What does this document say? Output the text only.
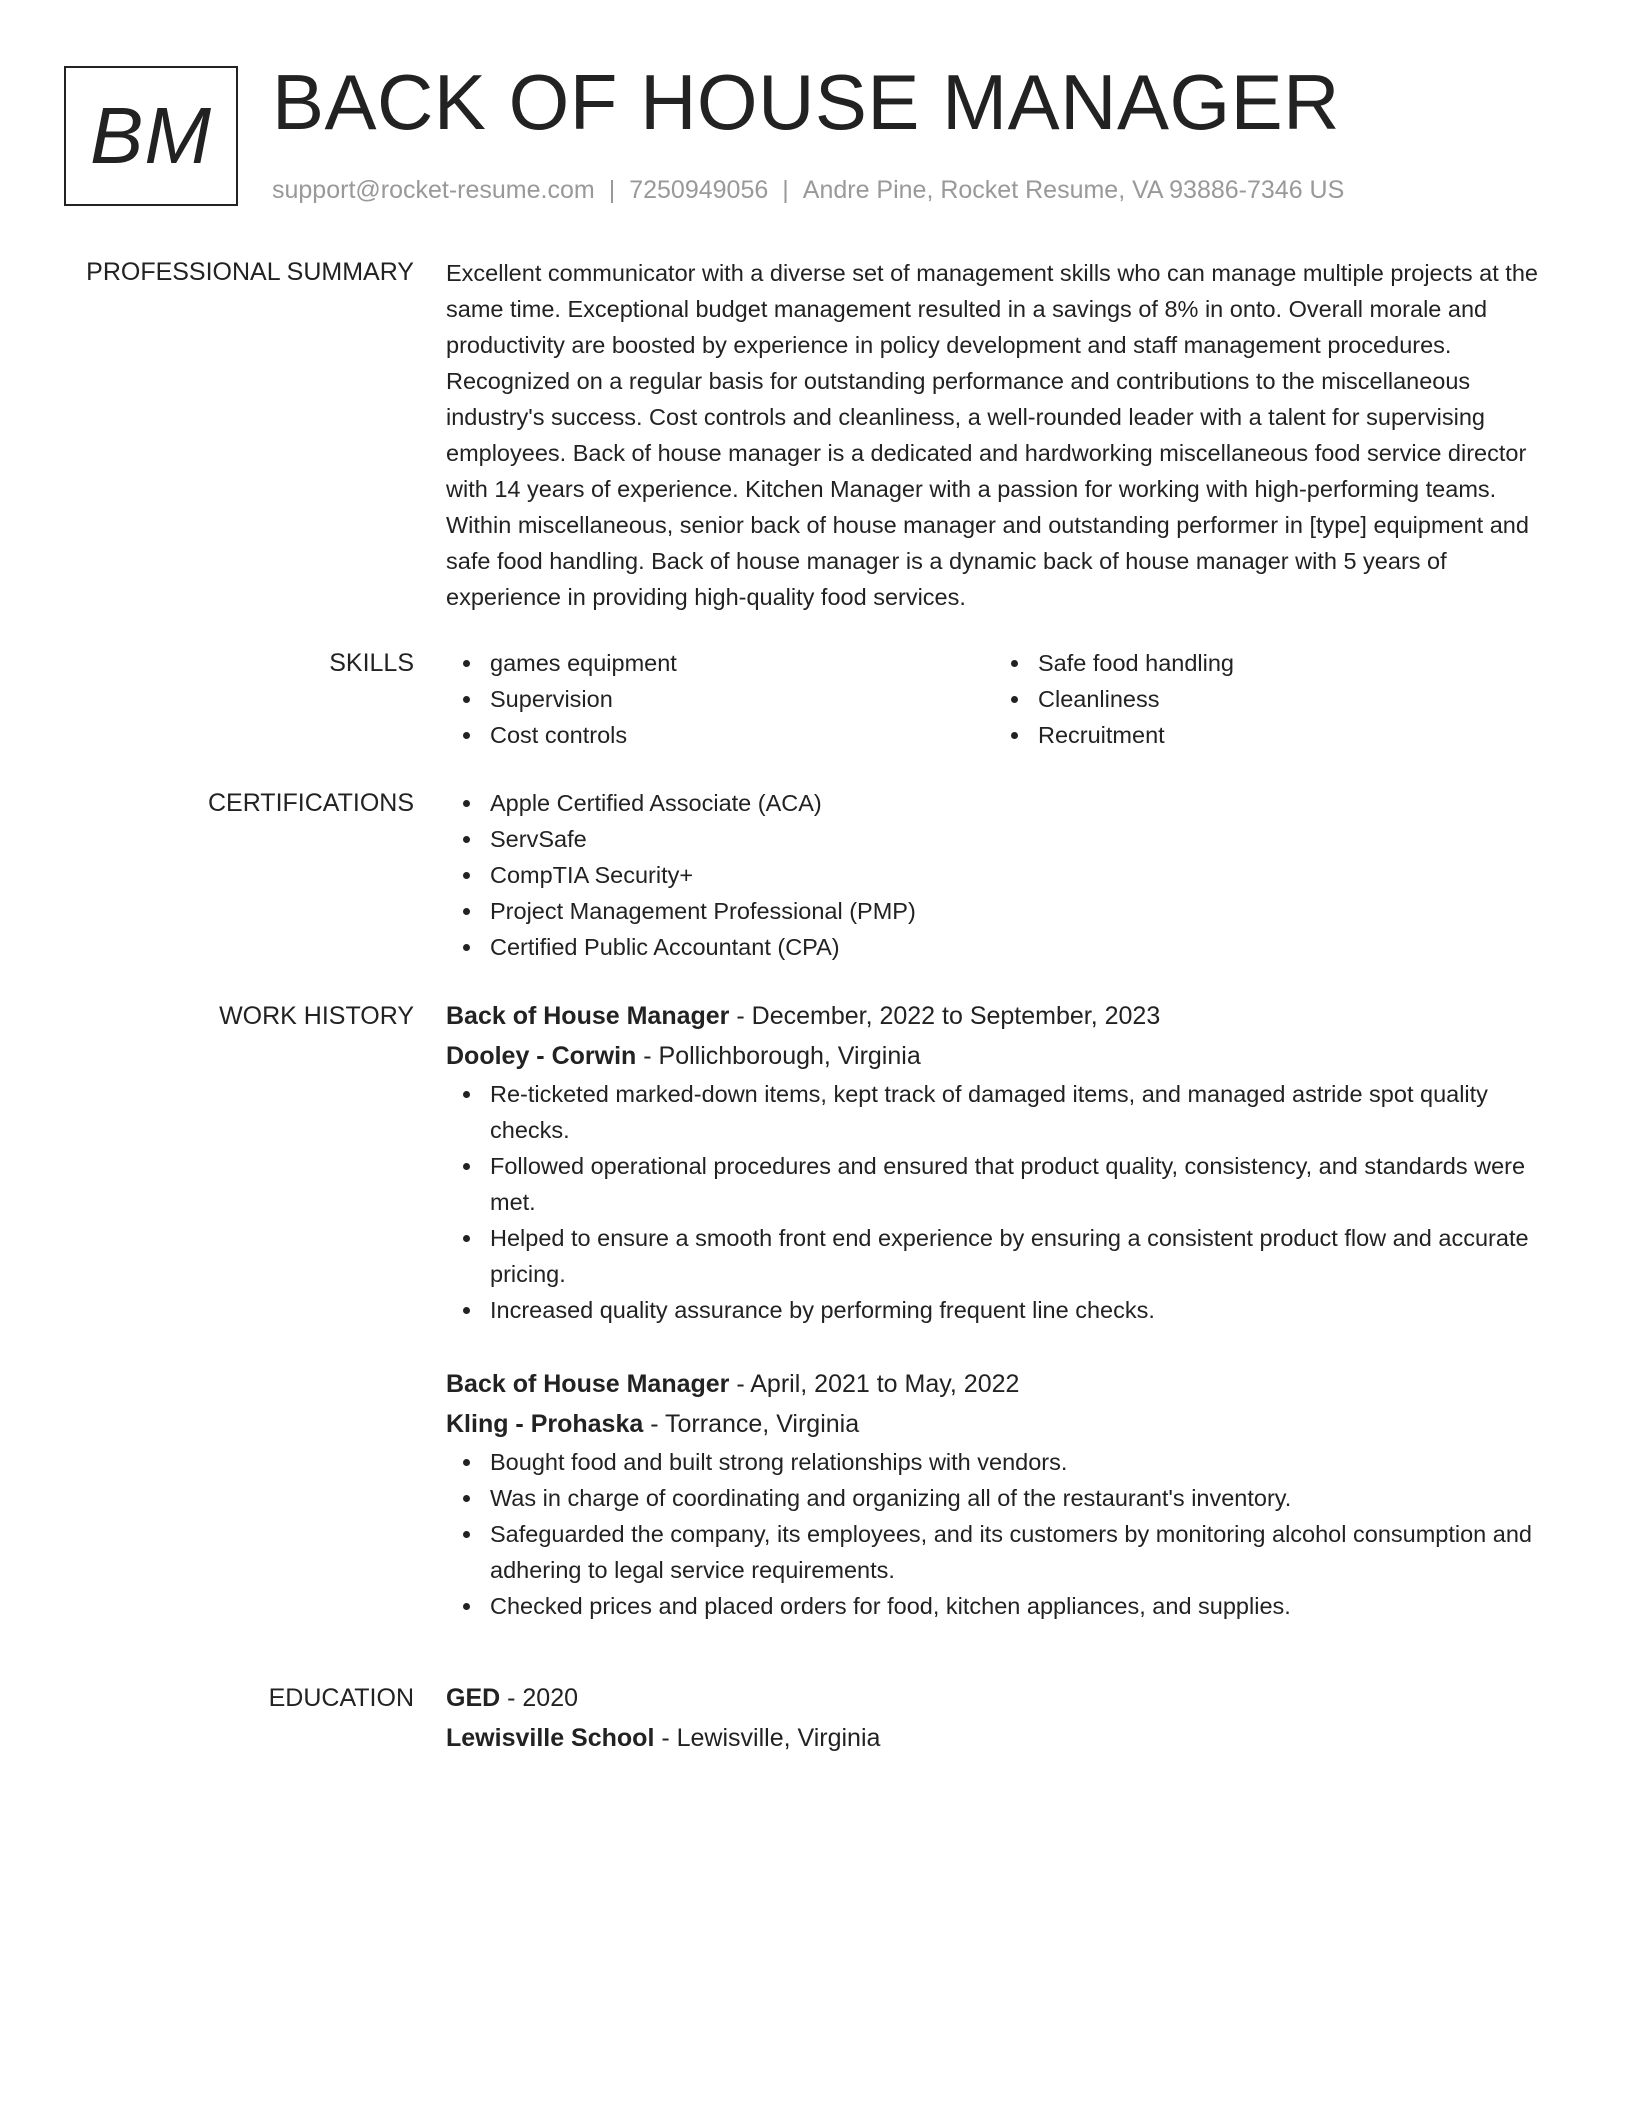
BM BACK OF HOUSE MANAGER
support@rocket-resume.com | 7250949056 | Andre Pine, Rocket Resume, VA 93886-7346 US
PROFESSIONAL SUMMARY Excellent communicator with a diverse set of management skills who can manage multiple projects at the same time. Exceptional budget management resulted in a savings of 8% in onto. Overall morale and productivity are boosted by experience in policy development and staff management procedures. Recognized on a regular basis for outstanding performance and contributions to the miscellaneous industry's success. Cost controls and cleanliness, a well-rounded leader with a talent for supervising employees. Back of house manager is a dedicated and hardworking miscellaneous food service director with 14 years of experience. Kitchen Manager with a passion for working with high-performing teams. Within miscellaneous, senior back of house manager and outstanding performer in [type] equipment and safe food handling. Back of house manager is a dynamic back of house manager with 5 years of experience in providing high-quality food services.

SKILLS	games equipment
Supervision
Cost controls
Safe food handling
Cleanliness
Recruitment
CERTIFICATIONS	Apple Certified Associate (ACA)
ServSafe
CompTIA Security+
Project Management Professional (PMP)
Certified Public Accountant (CPA)
WORK HISTORY Back of House Manager - December, 2022 to September, 2023
Dooley - Corwin - Pollichborough, Virginia
Re-ticketed marked-down items, kept track of damaged items, and managed astride spot quality checks.
Followed operational procedures and ensured that product quality, consistency, and standards were met.
Helped to ensure a smooth front end experience by ensuring a consistent product flow and accurate pricing.
Increased quality assurance by performing frequent line checks.
Back of House Manager - April, 2021 to May, 2022
Kling - Prohaska - Torrance, Virginia
Bought food and built strong relationships with vendors.
Was in charge of coordinating and organizing all of the restaurant's inventory.
Safeguarded the company, its employees, and its customers by monitoring alcohol consumption and adhering to legal service requirements.
Checked prices and placed orders for food, kitchen appliances, and supplies.
EDUCATION GED - 2020
Lewisville School - Lewisville, Virginia
